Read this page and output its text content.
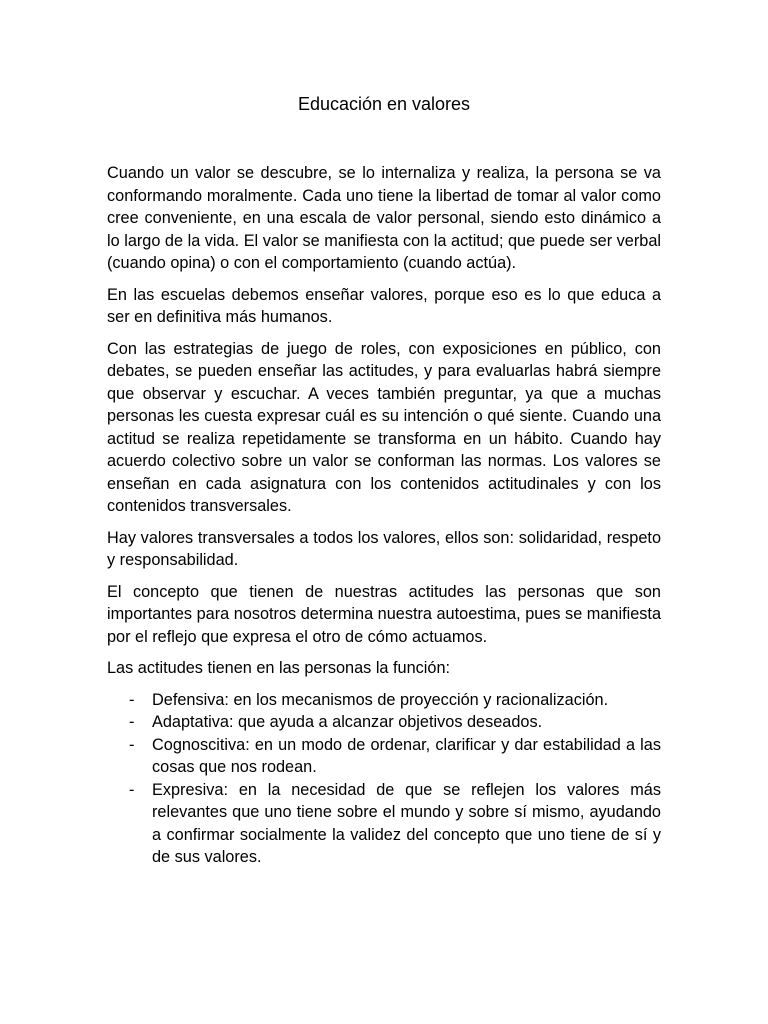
Educación en valores

Cuando un valor se descubre, se lo internaliza y realiza, la persona se va conformando moralmente. Cada uno tiene la libertad de tomar al valor como cree conveniente, en una escala de valor personal, siendo esto dinámico a lo largo de la vida. El valor se manifiesta con la actitud; que puede ser verbal (cuando opina) o con el comportamiento (cuando actúa).

En las escuelas debemos enseñar valores, porque eso es lo que educa a ser en definitiva más humanos.

Con las estrategias de juego de roles, con exposiciones en público, con debates, se pueden enseñar las actitudes, y para evaluarlas habrá siempre que observar y escuchar. A veces también preguntar, ya que a muchas personas les cuesta expresar cuál es su intención o qué siente. Cuando una actitud se realiza repetidamente se transforma en un hábito. Cuando hay acuerdo colectivo sobre un valor se conforman las normas. Los valores se enseñan en cada asignatura con los contenidos actitudinales y con los contenidos transversales.

Hay valores transversales a todos los valores, ellos son: solidaridad, respeto y responsabilidad.

El concepto que tienen de nuestras actitudes las personas que son importantes para nosotros determina nuestra autoestima, pues se manifiesta por el reflejo que expresa el otro de cómo actuamos.

Las actitudes tienen en las personas la función:

- Defensiva: en los mecanismos de proyección y racionalización.
- Adaptativa: que ayuda a alcanzar objetivos deseados.
- Cognoscitiva: en un modo de ordenar, clarificar y dar estabilidad a las cosas que nos rodean.
- Expresiva: en la necesidad de que se reflejen los valores más relevantes que uno tiene sobre el mundo y sobre sí mismo, ayudando a confirmar socialmente la validez del concepto que uno tiene de sí y de sus valores.
